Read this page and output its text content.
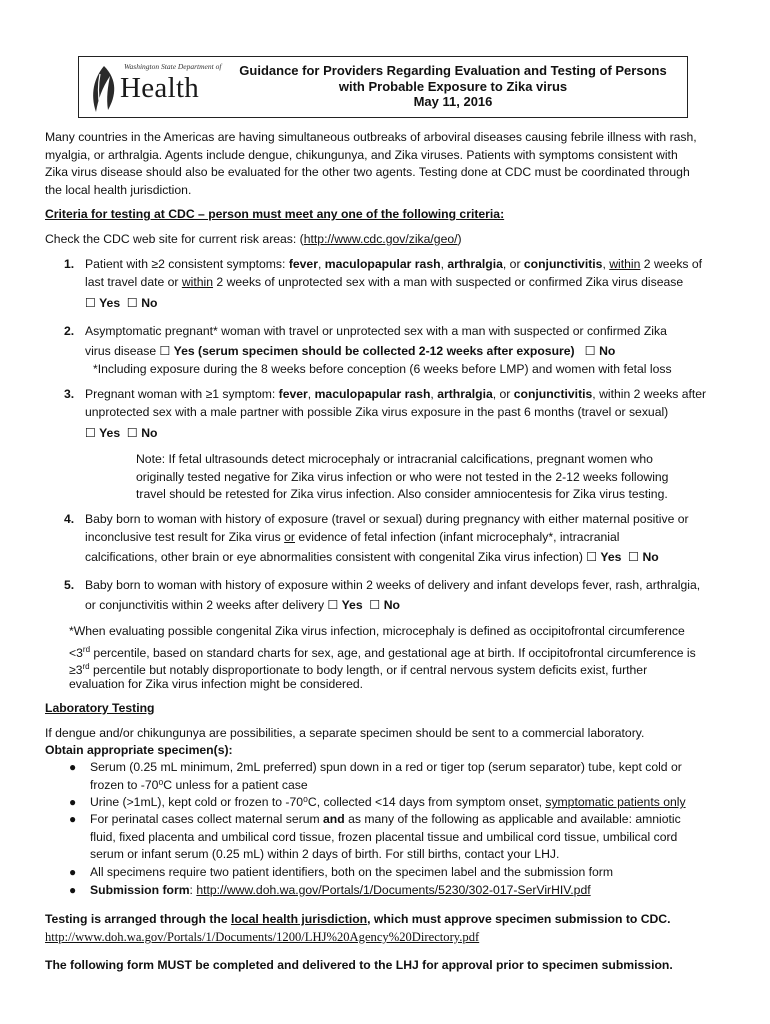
Washington State Department of
Health
Guidance for Providers Regarding Evaluation and Testing of Persons
with Probable Exposure to Zika virus
May 11, 2016
Many countries in the Americas are having simultaneous outbreaks of arboviral diseases causing febrile illness with rash,
myalgia, or arthralgia. Agents include dengue, chikungunya, and Zika viruses. Patients with symptoms consistent with
Zika virus disease should also be evaluated for the other two agents. Testing done at CDC must be coordinated through
the local health jurisdiction.
Criteria for testing at CDC – person must meet any one of the following criteria:
Check the CDC web site for current risk areas: (http://www.cdc.gov/zika/geo/)
1. Patient with ≥2 consistent symptoms: fever, maculopapular rash, arthralgia, or conjunctivitis, within 2 weeks of
last travel date or within 2 weeks of unprotected sex with a man with suspected or confirmed Zika virus disease
☐ Yes ☐ No
2. Asymptomatic pregnant* woman with travel or unprotected sex with a man with suspected or confirmed Zika
virus disease ☐ Yes (serum specimen should be collected 2-12 weeks after exposure) ☐ No
*Including exposure during the 8 weeks before conception (6 weeks before LMP) and women with fetal loss
3. Pregnant woman with ≥1 symptom: fever, maculopapular rash, arthralgia, or conjunctivitis, within 2 weeks after
unprotected sex with a male partner with possible Zika virus exposure in the past 6 months (travel or sexual)
☐ Yes ☐ No
Note: If fetal ultrasounds detect microcephaly or intracranial calcifications, pregnant women who
originally tested negative for Zika virus infection or who were not tested in the 2-12 weeks following
travel should be retested for Zika virus infection. Also consider amniocentesis for Zika virus testing.
4. Baby born to woman with history of exposure (travel or sexual) during pregnancy with either maternal positive or
inconclusive test result for Zika virus or evidence of fetal infection (infant microcephaly*, intracranial
calcifications, other brain or eye abnormalities consistent with congenital Zika virus infection) ☐ Yes ☐ No
5. Baby born to woman with history of exposure within 2 weeks of delivery and infant develops fever, rash, arthralgia,
or conjunctivitis within 2 weeks after delivery ☐ Yes ☐ No
*When evaluating possible congenital Zika virus infection, microcephaly is defined as occipitofrontal circumference
<3rd percentile, based on standard charts for sex, age, and gestational age at birth. If occipitofrontal circumference is
≥3rd percentile but notably disproportionate to body length, or if central nervous system deficits exist, further
evaluation for Zika virus infection might be considered.
Laboratory Testing
If dengue and/or chikungunya are possibilities, a separate specimen should be sent to a commercial laboratory.
Obtain appropriate specimen(s):
● Serum (0.25 mL minimum, 2mL preferred) spun down in a red or tiger top (serum separator) tube, kept cold or
frozen to -70⁰C unless for a patient case
● Urine (>1mL), kept cold or frozen to -70⁰C, collected <14 days from symptom onset, symptomatic patients only
● For perinatal cases collect maternal serum and as many of the following as applicable and available: amniotic
fluid, fixed placenta and umbilical cord tissue, frozen placental tissue and umbilical cord tissue, umbilical cord
serum or infant serum (0.25 mL) within 2 days of birth. For still births, contact your LHJ.
● All specimens require two patient identifiers, both on the specimen label and the submission form
● Submission form: http://www.doh.wa.gov/Portals/1/Documents/5230/302-017-SerVirHIV.pdf
Testing is arranged through the local health jurisdiction, which must approve specimen submission to CDC.
http://www.doh.wa.gov/Portals/1/Documents/1200/LHJ%20Agency%20Directory.pdf
The following form MUST be completed and delivered to the LHJ for approval prior to specimen submission.
